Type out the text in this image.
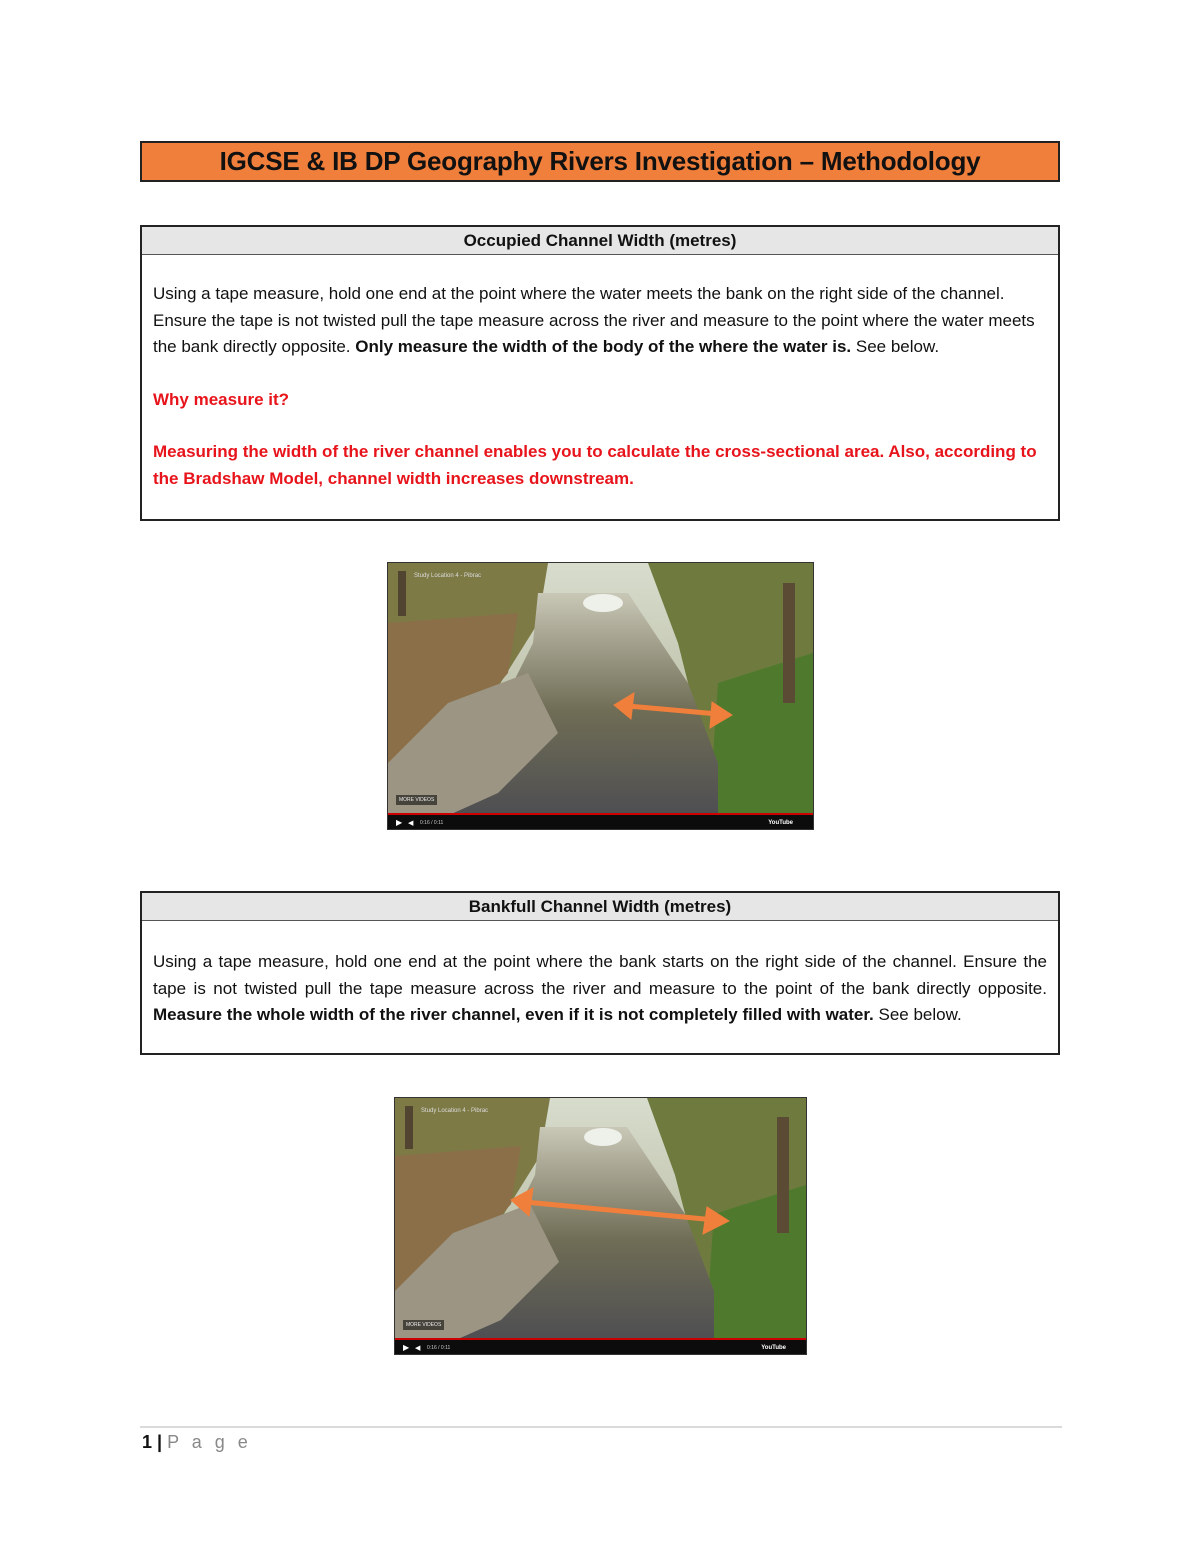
IGCSE & IB DP Geography Rivers Investigation – Methodology
Occupied Channel Width (metres)

Using a tape measure, hold one end at the point where the water meets the bank on the right side of the channel. Ensure the tape is not twisted pull the tape measure across the river and measure to the point where the water meets the bank directly opposite. Only measure the width of the body of the where the water is. See below.

Why measure it?

Measuring the width of the river channel enables you to calculate the cross-sectional area. Also, according to the Bradshaw Model, channel width increases downstream.

Study Location 4 - Pibrac
MORE VIDEOS
▶ ◀ 0:16 / 0:11	YouTube
Bankfull Channel Width (metres)

Using a tape measure, hold one end at the point where the bank starts on the right side of the channel. Ensure the tape is not twisted pull the tape measure across the river and measure to the point of the bank directly opposite. Measure the whole width of the river channel, even if it is not completely filled with water. See below.

Study Location 4 - Pibrac
MORE VIDEOS
▶ ◀ 0:16 / 0:11	YouTube
1 | P a g e
